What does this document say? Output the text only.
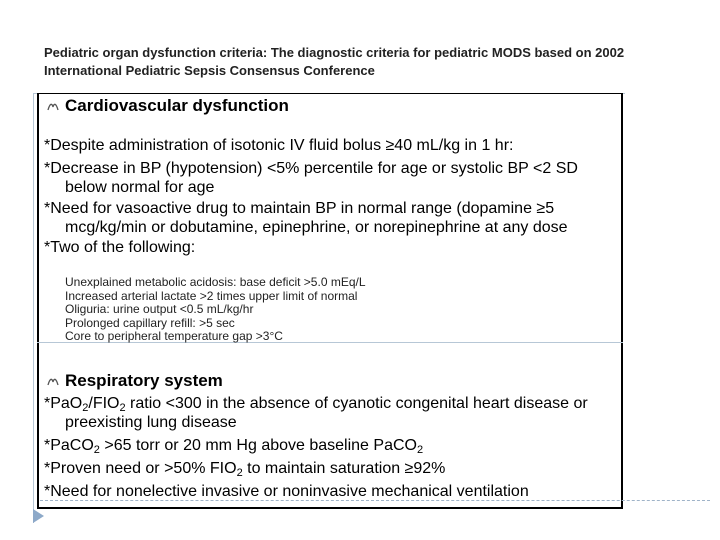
Pediatric organ dysfunction criteria: The diagnostic criteria for pediatric MODS based on 2002 International Pediatric Sepsis Consensus Conference
Cardiovascular dysfunction

*Despite administration of isotonic IV fluid bolus ≥40 mL/kg in 1 hr:

*Decrease in BP (hypotension) <5% percentile for age or systolic BP <2 SD below normal for age

*Need for vasoactive drug to maintain BP in normal range (dopamine ≥5 mcg/kg/min or dobutamine, epinephrine, or norepinephrine at any dose

*Two of the following:

Unexplained metabolic acidosis: base deficit >5.0 mEq/L
Increased arterial lactate >2 times upper limit of normal
Oliguria: urine output <0.5 mL/kg/hr
Prolonged capillary refill: >5 sec
Core to peripheral temperature gap >3°C
Respiratory system

$*PaO_2/FIO_2$ ratio <300 in the absence of cyanotic congenital heart disease or preexisting lung disease

*PaCO$_2$ >65 torr or 20 mm Hg above baseline PaCO$_2$

*Proven need or >50% $FIO_2$ to maintain saturation ≥92%

*Need for nonelective invasive or noninvasive mechanical ventilation
